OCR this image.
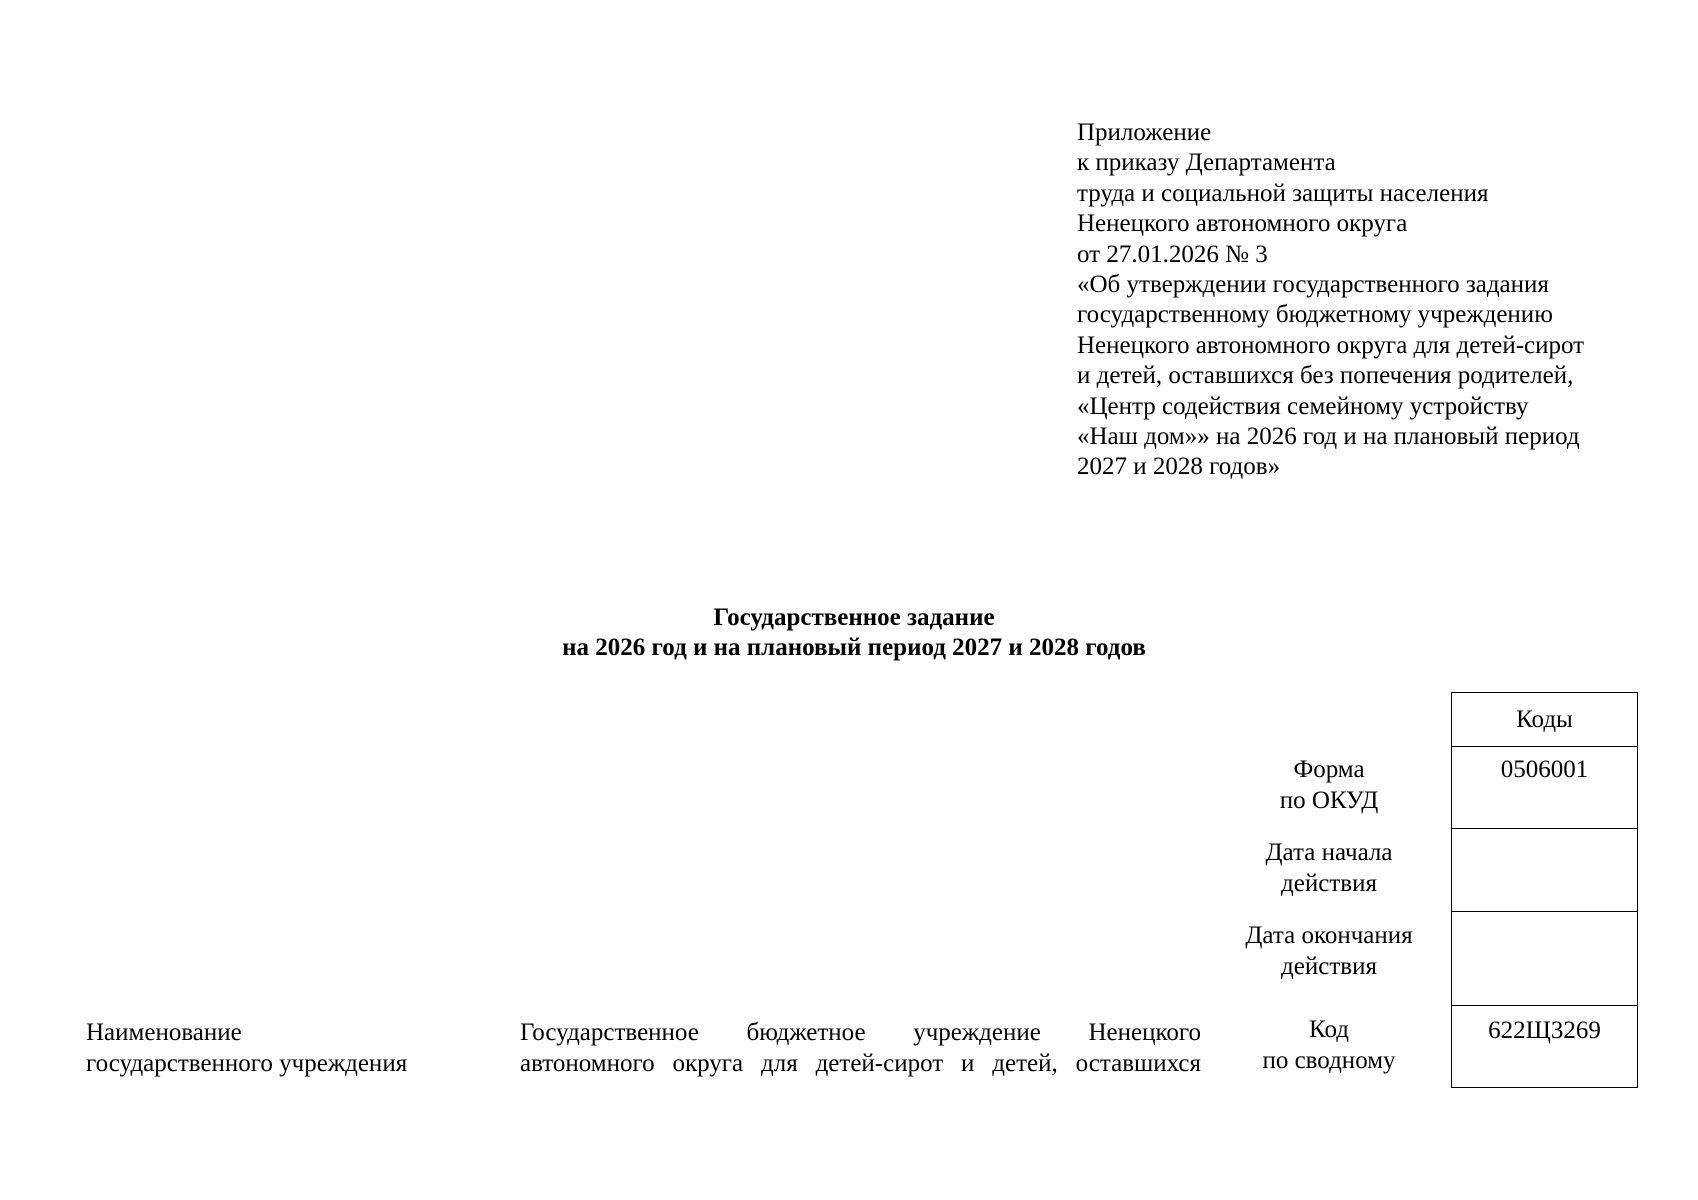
Приложение
к приказу Департамента
труда и социальной защиты населения
Ненецкого автономного округа
от 27.01.2026 № 3
«Об утверждении государственного задания
государственному бюджетному учреждению
Ненецкого автономного округа для детей-сирот
и детей, оставшихся без попечения родителей,
«Центр содействия семейному устройству
«Наш дом»» на 2026 год и на плановый период
2027 и 2028 годов»
Государственное задание
на 2026 год и на плановый период 2027 и 2028 годов
Форма
по ОКУД
Дата начала
действия
Дата окончания
действия
Код
по сводному
Коды
0506001
622Щ3269
Наименование
государственного учреждения
Государственное бюджетное учреждение Ненецкого
автономного округа для детей-сирот и детей, оставшихся
